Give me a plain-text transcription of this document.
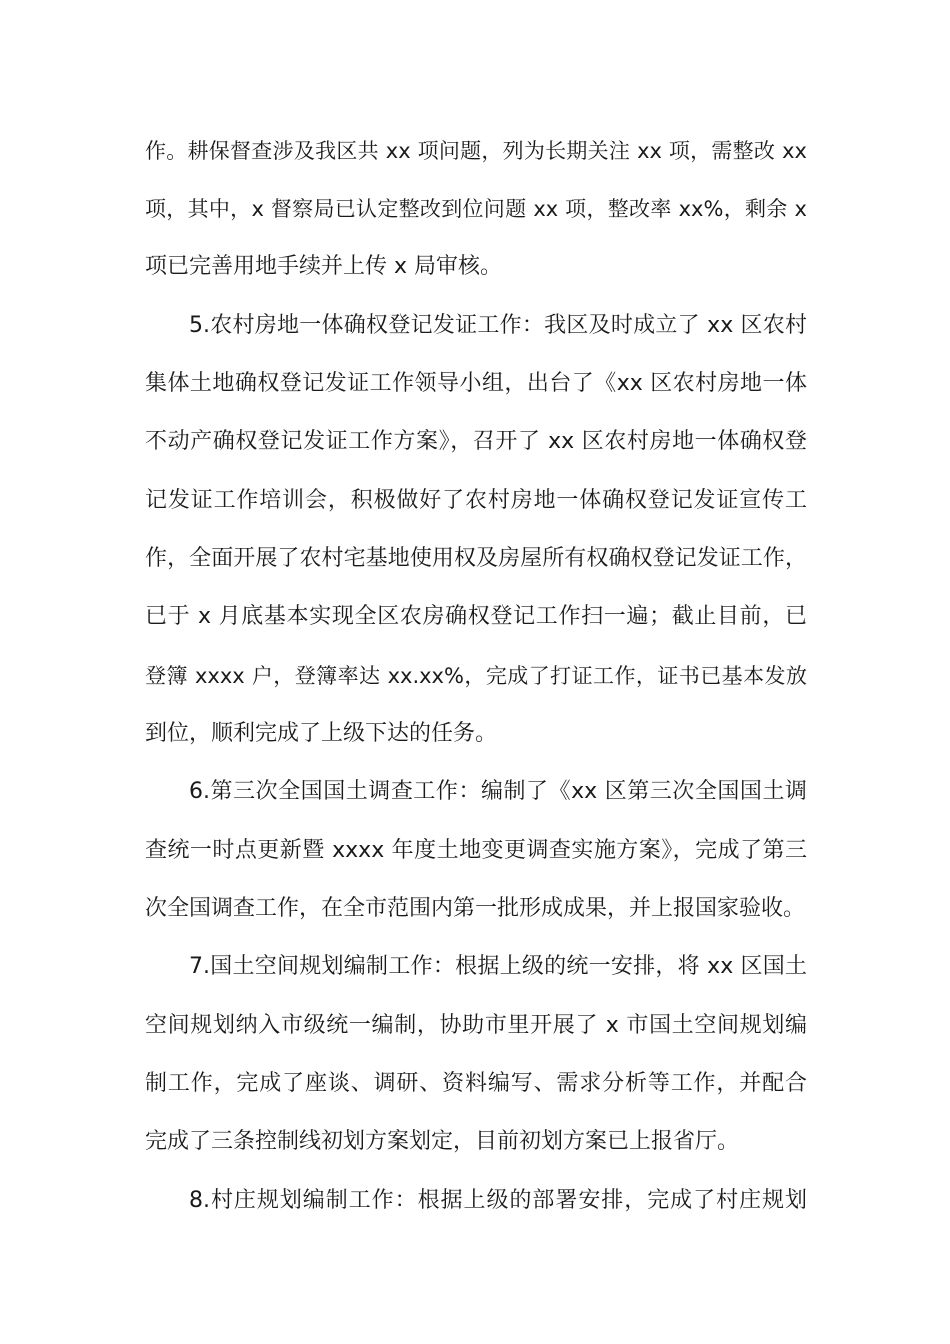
作。耕保督查涉及我区共 xx 项问题，列为长期关注 xx 项，需整改 xx
项，其中，x 督察局已认定整改到位问题 xx 项，整改率 xx%，剩余 x
项已完善用地手续并上传 x 局审核。
5.农村房地一体确权登记发证工作：我区及时成立了 xx 区农村
集体土地确权登记发证工作领导小组，出台了《xx 区农村房地一体
不动产确权登记发证工作方案》，召开了 xx 区农村房地一体确权登
记发证工作培训会，积极做好了农村房地一体确权登记发证宣传工
作，全面开展了农村宅基地使用权及房屋所有权确权登记发证工作，
已于 x 月底基本实现全区农房确权登记工作扫一遍；截止目前，已
登簿 xxxx 户，登簿率达 xx.xx%，完成了打证工作，证书已基本发放
到位，顺利完成了上级下达的任务。
6.第三次全国国土调查工作：编制了《xx 区第三次全国国土调
查统一时点更新暨 xxxx 年度土地变更调查实施方案》，完成了第三
次全国调查工作，在全市范围内第一批形成成果，并上报国家验收。
7.国土空间规划编制工作：根据上级的统一安排，将 xx 区国土
空间规划纳入市级统一编制，协助市里开展了 x 市国土空间规划编
制工作，完成了座谈、调研、资料编写、需求分析等工作，并配合
完成了三条控制线初划方案划定，目前初划方案已上报省厅。
8.村庄规划编制工作：根据上级的部署安排，完成了村庄规划
